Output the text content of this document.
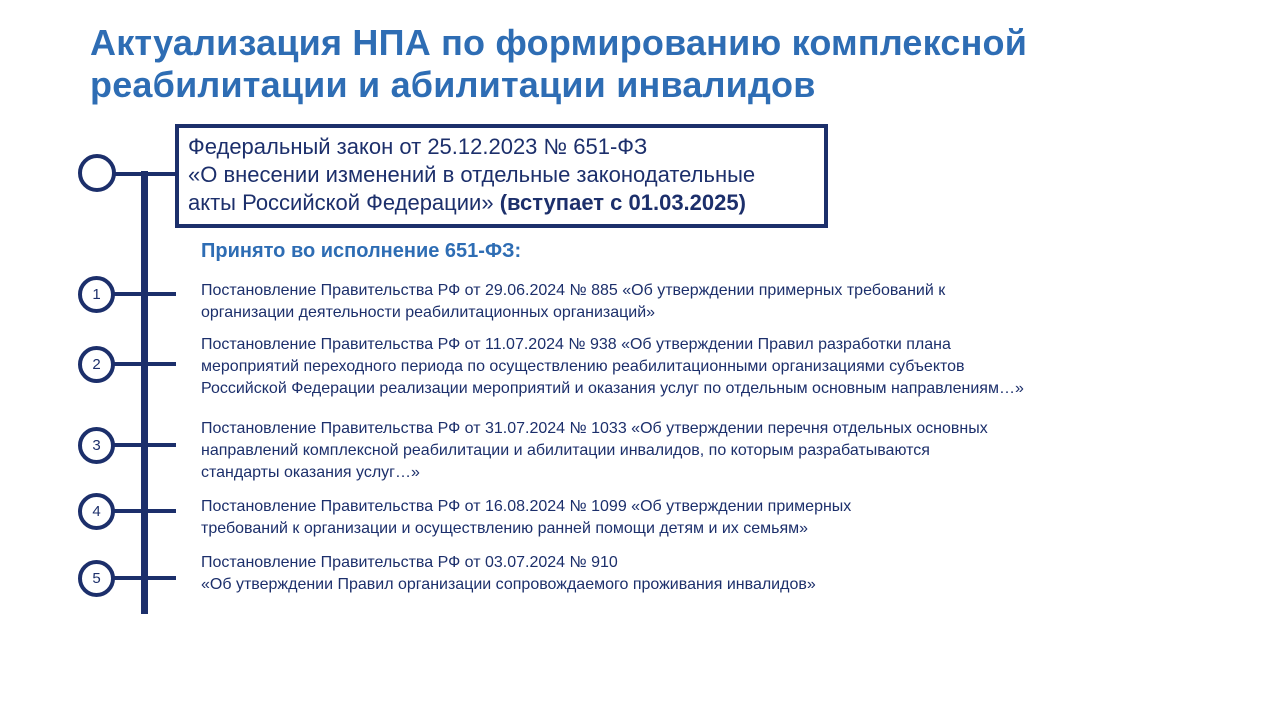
Актуализация НПА по формированию комплексной
реабилитации и абилитации инвалидов
Федеральный закон от 25.12.2023 № 651-ФЗ
«О внесении изменений в отдельные законодательные
акты Российской Федерации» (вступает с 01.03.2025)
Принято во исполнение 651-ФЗ:
1	Постановление Правительства РФ от 29.06.2024 № 885 «Об утверждении примерных требований к
организации деятельности реабилитационных организаций»
2
Постановление Правительства РФ от 11.07.2024 № 938 «Об утверждении Правил разработки плана
мероприятий переходного периода по осуществлению реабилитационными организациями субъектов
Российской Федерации реализации мероприятий и оказания услуг по отдельным основным направлениям…»
3
Постановление Правительства РФ от 31.07.2024 № 1033 «Об утверждении перечня отдельных основных
направлений комплексной реабилитации и абилитации инвалидов, по которым разрабатываются
стандарты оказания услуг…»
4	Постановление Правительства РФ от 16.08.2024 № 1099 «Об утверждении примерных
требований к организации и осуществлению ранней помощи детям и их семьям»
5
Постановление Правительства РФ от 03.07.2024 № 910
«Об утверждении Правил организации сопровождаемого проживания инвалидов»
